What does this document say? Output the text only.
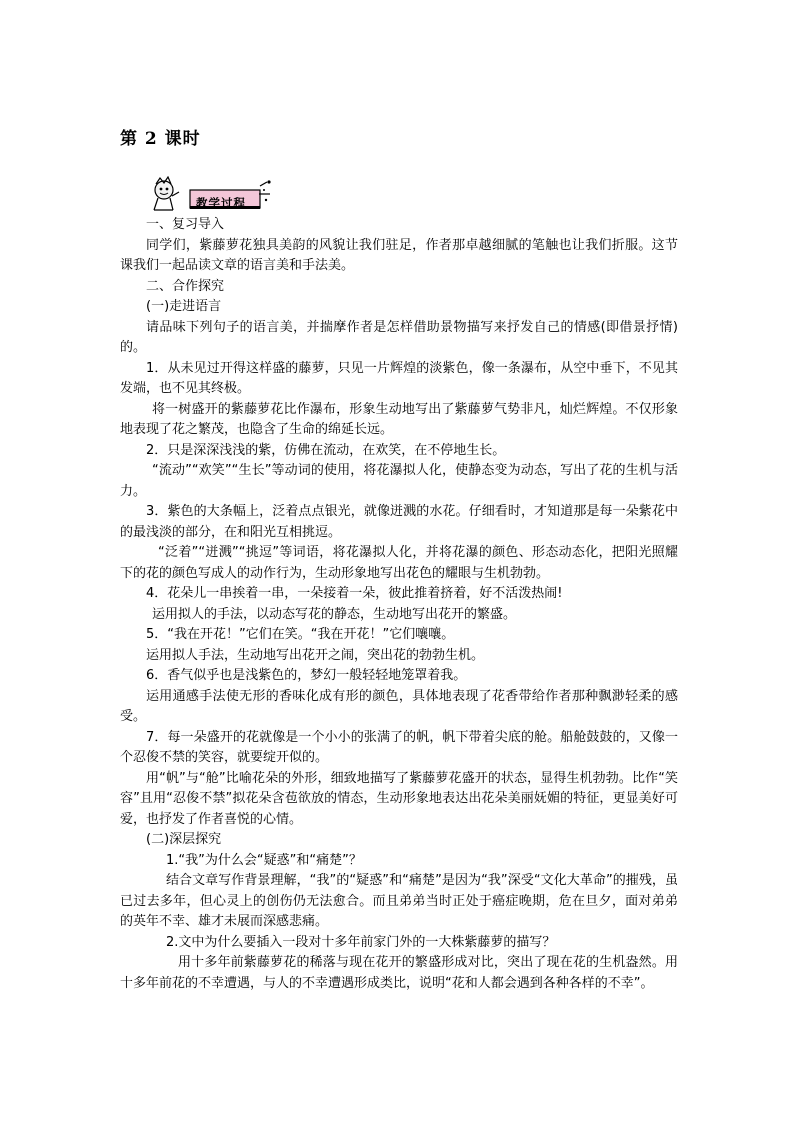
第 2 课时
教学过程

一、复习导入

同学们，紫藤萝花独具美韵的风貌让我们驻足，作者那卓越细腻的笔触也让我们折服。这节课我们一起品读文章的语言美和手法美。

二、合作探究

(一)走进语言

请品味下列句子的语言美，并揣摩作者是怎样借助景物描写来抒发自己的情感(即借景抒情)的。

1．从未见过开得这样盛的藤萝，只见一片辉煌的淡紫色，像一条瀑布，从空中垂下，不见其发端，也不见其终极。

将一树盛开的紫藤萝花比作瀑布，形象生动地写出了紫藤萝气势非凡，灿烂辉煌。不仅形象地表现了花之繁茂，也隐含了生命的绵延长远。

2．只是深深浅浅的紫，仿佛在流动，在欢笑，在不停地生长。

“流动”“欢笑”“生长”等动词的使用，将花瀑拟人化，使静态变为动态，写出了花的生机与活力。

3．紫色的大条幅上，泛着点点银光，就像迸溅的水花。仔细看时，才知道那是每一朵紫花中的最浅淡的部分，在和阳光互相挑逗。

“泛着”“迸溅”“挑逗”等词语，将花瀑拟人化，并将花瀑的颜色、形态动态化，把阳光照耀下的花的颜色写成人的动作行为，生动形象地写出花色的耀眼与生机勃勃。

4．花朵儿一串挨着一串，一朵接着一朵，彼此推着挤着，好不活泼热闹!

运用拟人的手法，以动态写花的静态，生动地写出花开的繁盛。

5．“我在开花！”它们在笑。“我在开花！”它们嚷嚷。

运用拟人手法，生动地写出花开之闹，突出花的勃勃生机。

6．香气似乎也是浅紫色的，梦幻一般轻轻地笼罩着我。

运用通感手法使无形的香味化成有形的颜色，具体地表现了花香带给作者那种飘渺轻柔的感受。

7．每一朵盛开的花就像是一个小小的张满了的帆，帆下带着尖底的舱。船舱鼓鼓的，又像一个忍俊不禁的笑容，就要绽开似的。

用“帆”与“舱”比喻花朵的外形，细致地描写了紫藤萝花盛开的状态，显得生机勃勃。比作“笑容”且用“忍俊不禁”拟花朵含苞欲放的情态，生动形象地表达出花朵美丽妩媚的特征，更显美好可爱，也抒发了作者喜悦的心情。

(二)深层探究

1.“我”为什么会“疑惑”和“痛楚”？

结合文章写作背景理解，“我”的“疑惑”和“痛楚”是因为“我”深受“文化大革命”的摧残，虽已过去多年，但心灵上的创伤仍无法愈合。而且弟弟当时正处于癌症晚期，危在旦夕，面对弟弟的英年不幸、雄才未展而深感悲痛。

2.文中为什么要插入一段对十多年前家门外的一大株紫藤萝的描写？

用十多年前紫藤萝花的稀落与现在花开的繁盛形成对比，突出了现在花的生机盎然。用十多年前花的不幸遭遇，与人的不幸遭遇形成类比，说明“花和人都会遇到各种各样的不幸”。
